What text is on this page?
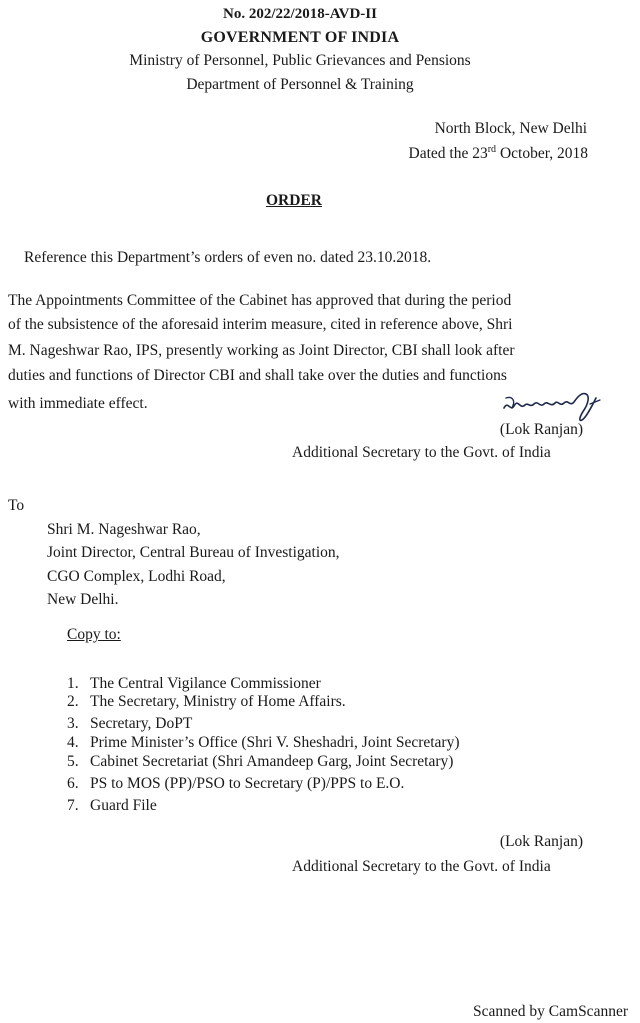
No. 202/22/2018-AVD-II
GOVERNMENT OF INDIA
Ministry of Personnel, Public Grievances and Pensions
Department of Personnel & Training
North Block, New Delhi
Dated the 23rd October, 2018
ORDER
Reference this Department’s orders of even no. dated 23.10.2018.
The Appointments Committee of the Cabinet has approved that during the period
of the subsistence of the aforesaid interim measure, cited in reference above, Shri
M. Nageshwar Rao, IPS, presently working as Joint Director, CBI shall look after
duties and functions of Director CBI and shall take over the duties and functions
with immediate effect.
(Lok Ranjan)
Additional Secretary to the Govt. of India
To
Shri M. Nageshwar Rao,
Joint Director, Central Bureau of Investigation,
CGO Complex, Lodhi Road,
New Delhi.
Copy to:
1. The Central Vigilance Commissioner
2. The Secretary, Ministry of Home Affairs.
3. Secretary, DoPT
4. Prime Minister’s Office (Shri V. Sheshadri, Joint Secretary)
5. Cabinet Secretariat (Shri Amandeep Garg, Joint Secretary)
6. PS to MOS (PP)/PSO to Secretary (P)/PPS to E.O.
7. Guard File
(Lok Ranjan)
Additional Secretary to the Govt. of India
Scanned by CamScanner
